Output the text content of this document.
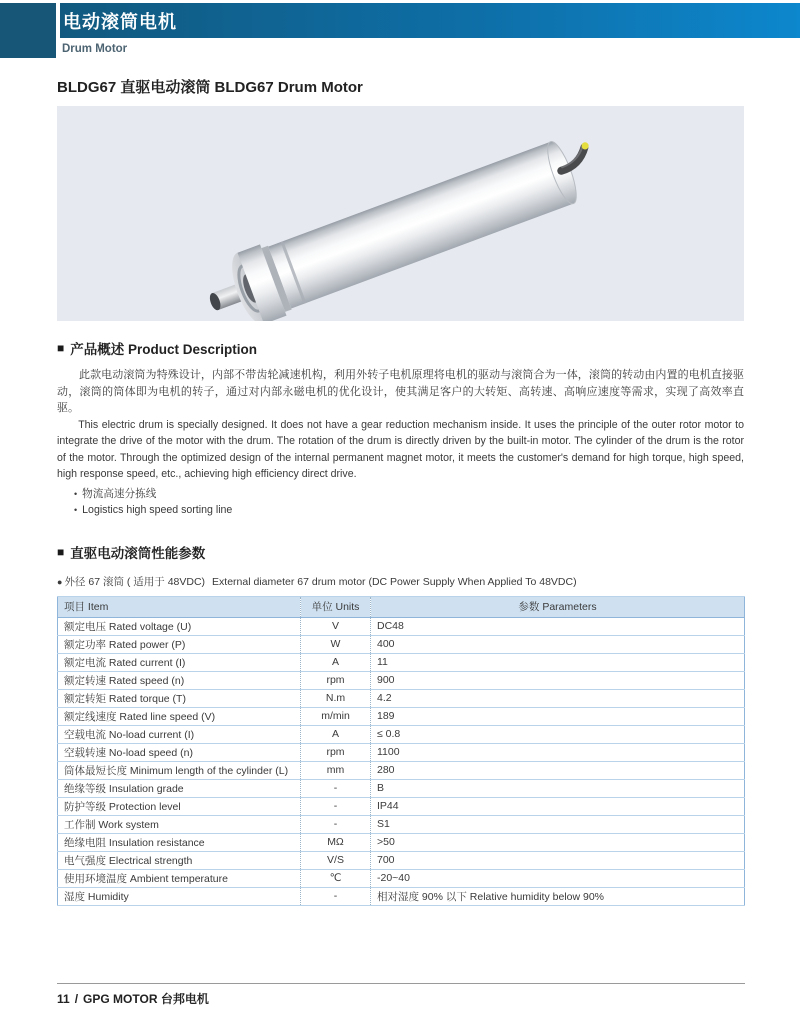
电动滚筒电机
Drum Motor
BLDG67 直驱电动滚筒 BLDG67 Drum Motor
■ 产品概述 Product Description

此款电动滚筒为特殊设计，内部不带齿轮减速机构，利用外转子电机原理将电机的驱动与滚筒合为一体，滚筒的转动由内置的电机直接驱动，滚筒的筒体即为电机的转子，通过对内部永磁电机的优化设计，使其满足客户的大转矩、高转速、高响应速度等需求，实现了高效率直驱。

This electric drum is specially designed. It does not have a gear reduction mechanism inside. It uses the principle of the outer rotor motor to integrate the drive of the motor with the drum. The rotation of the drum is directly driven by the built-in motor. The cylinder of the drum is the rotor of the motor. Through the optimized design of the internal permanent magnet motor, it meets the customer's demand for high torque, high speed, high response speed, etc., achieving high efficiency direct drive.

• 物流高速分拣线
• Logistics high speed sorting line
■ 直驱电动滚筒性能参数
● 外径 67 滚筒 ( 适用于 48VDC) External diameter 67 drum motor (DC Power Supply When Applied To 48VDC)
项目 Item	单位 Units	参数 Parameters
额定电压 Rated voltage (U)	V	DC48
额定功率 Rated power (P)	W	400
额定电流 Rated current (I)	A	11
额定转速 Rated speed (n)	rpm	900
额定转矩 Rated torque (T)	N.m	4.2
额定线速度 Rated line speed (V)	m/min	189
空载电流 No-load current (I)	A	≤ 0.8
空载转速 No-load speed (n)	rpm	1100
筒体最短长度 Minimum length of the cylinder (L)	mm	280
绝缘等级 Insulation grade	-	B
防护等级 Protection level	-	IP44
工作制 Work system	-	S1
绝缘电阻 Insulation resistance	MΩ	>50
电气强度 Electrical strength	V/S	700
使用环境温度 Ambient temperature	℃	-20~40
湿度 Humidity	-	相对湿度 90% 以下 Relative humidity below 90%
11 / GPG MOTOR 台邦电机
